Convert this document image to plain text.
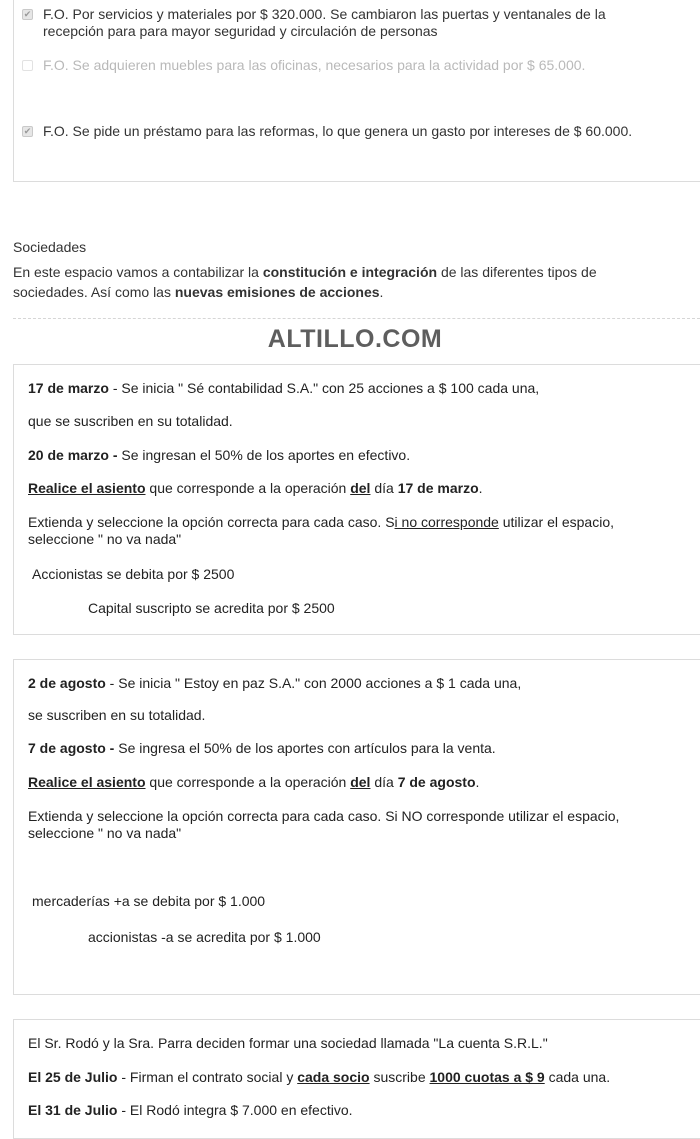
✔ F.O. Por servicios y materiales por $ 320.000. Se cambiaron las puertas y ventanales de la recepción para para mayor seguridad y circulación de personas
F.O. Se adquieren muebles para las oficinas, necesarios para la actividad por $ 65.000.
✔ F.O. Se pide un préstamo para las reformas, lo que genera un gasto por intereses de $ 60.000.
Sociedades
En este espacio vamos a contabilizar la constitución e integración de las diferentes tipos de sociedades. Así como las nuevas emisiones de acciones.
ALTILLO.COM
17 de marzo - Se inicia " Sé contabilidad S.A." con 25 acciones a $ 100 cada una,
que se suscriben en su totalidad.
20 de marzo - Se ingresan el 50% de los aportes en efectivo.
Realice el asiento que corresponde a la operación del día 17 de marzo.
Extienda y seleccione la opción correcta para cada caso. Si no corresponde utilizar el espacio, seleccione " no va nada"
Accionistas se debita por $ 2500
Capital suscripto se acredita por $ 2500
2 de agosto - Se inicia " Estoy en paz S.A." con 2000 acciones a $ 1 cada una,
se suscriben en su totalidad.
7 de agosto - Se ingresa el 50% de los aportes con artículos para la venta.
Realice el asiento que corresponde a la operación del día 7 de agosto.
Extienda y seleccione la opción correcta para cada caso. Si NO corresponde utilizar el espacio, seleccione " no va nada"
mercaderías +a se debita por $ 1.000
accionistas -a se acredita por $ 1.000
El Sr. Rodó y la Sra. Parra deciden formar una sociedad llamada "La cuenta S.R.L."
El 25 de Julio - Firman el contrato social y cada socio suscribe 1000 cuotas a $ 9 cada una.
El 31 de Julio - El Rodó integra $ 7.000 en efectivo.
